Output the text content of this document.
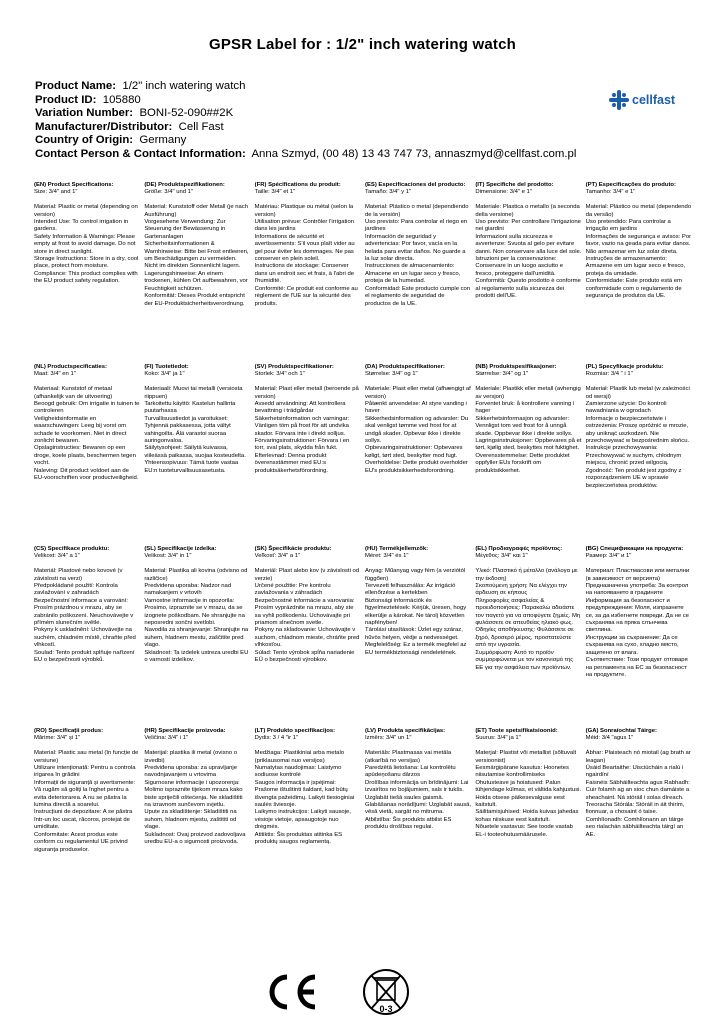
GPSR Label for : 1/2" inch watering watch
Product Name: 1/2" inch watering watch
Product ID: 105880
Variation Number: BONI-52-090##2K
Manufacturer/Distributor: Cell Fast
Country of Origin: Germany
Contact Person & Contact Information: Anna Szmyd, (00 48) 13 43 747 73, annaszmyd@cellfast.com.pl
cellfast
(EN) Product Specifications:
Size: 3/4" and 1"

Material: Plastic or metal (depending on version)
Intended Use: To control irrigation in gardens.
Safety Information & Warnings: Please empty at frost to avoid damage. Do not store in direct sunlight.
Storage Instructions: Store in a dry, cool place, protect from moisture.
Compliance: This product complies with the EU product safety regulation.
(DE) Produktspezifikationen:
Größe: 3/4" und 1"

Material: Kunststoff oder Metall (je nach Ausführung)
Vorgesehene Verwendung: Zur Steuerung der Bewässerung in Gartenanlagen
Sicherheitsinformationen & Warnhinweise: Bitte bei Frost entleeren, um Beschädigungen zu vermeiden. Nicht im direkten Sonnenlicht lagern.
Lagerungshinweise: An einem trockenen, kühlen Ort aufbewahren, vor Feuchtigkeit schützen.
Konformität: Dieses Produkt entspricht der EU-Produktsicherheitsverordnung.
(FR) Spécifications du produit:
Taille: 3/4" et 1"

Matériau: Plastique ou métal (selon la version)
Utilisation prévue: Contrôler l'irrigation dans les jardins
Informations de sécurité et avertissements: S'il vous plaît vider au gel pour éviter les dommages. Ne pas conserver en plein soleil.
Instructions de stockage: Conserver dans un endroit sec et frais, à l'abri de l'humidité.
Conformité: Ce produit est conforme au règlement de l'UE sur la sécurité des produits.
(ES) Especificaciones del producto:
Tamaño: 3/4" y 1"

Material: Plástico o metal (dependiendo de la versión)
Uso previsto: Para controlar el riego en jardines
Información de seguridad y advertencias: Por favor, vacía en la helada para evitar daños. No guarde a la luz solar directa.
Instrucciones de almacenamiento: Almacene en un lugar seco y fresco, proteja de la humedad.
Conformidad: Este producto cumple con el reglamento de seguridad de productos de la UE.
(IT) Specifiche del prodotto:
Dimensione: 3/4" e 1"

Materiale: Plastica o metallo (a seconda della versione)
Uso previsto: Per controllare l'irrigazione nei giardini
Informazioni sulla sicurezza e avvertenze: Svuota al gelo per evitare danni. Non conservare alla luce del sole.
Istruzioni per la conservazione: Conservare in un luogo asciutto e fresco, proteggere dall'umidità.
Conformità: Questo prodotto è conforme al regolamento sulla sicurezza dei prodotti dell'UE.
(PT) Especificações do produto:
Tamanho: 3/4" e 1"

Material: Plástico ou metal (dependendo da versão)
Uso pretendido: Para controlar a irrigação em jardins
Informações de segurança e avisos: Por favor, vazio na geada para evitar danos. Não armazenar em luz solar direta.
Instruções de armazenamento: Armazene em um lugar seco e fresco, proteja da umidade.
Conformidade: Este produto está em conformidade com o regulamento de segurança de produtos da UE.
(NL) Productspecificaties:
Maat: 3/4" en 1"

Materiaal: Kunststof of metaal (afhankelijk van de uitvoering)
Beoogd gebruik: Om irrigatie in tuinen te controleren
Veiligheidsinformatie en waarschuwingen: Leeg bij vorst om schade te voorkomen. Niet in direct zonlicht bewaren.
Opslaginstructies: Bewaren op een droge, koele plaats, beschermen tegen vocht.
Naleving: Dit product voldoet aan de EU-voorschriften voor productveiligheid.
(FI) Tuotetiedot:
Koko: 3/4" ja 1"

Materiaali: Muovi tai metalli (versiosta riippuen)
Tarkoitettu käyttö: Kastelun hallinta puutarhassa
Turvallisuustiedot ja varoitukset: Tyhjennä pakkasessa, jotta vältyt vahingoilta. Älä varastoi suoraa auringonvaloa.
Säilytysohjeet: Säilytä kuivassa, viileässä paikassa, suojaa kosteudelta.
Yhteensopivuus: Tämä tuote vastaa EU:n tuoteturvallisuusasetusta.
(SV) Produktspecifikationer:
Storlek: 3/4" och 1"

Material: Plast eller metall (beroende på version)
Avsedd användning: Att kontrollera bevattning i trädgårdar
Säkerhetsinformation och varningar: Vänligen töm på frost för att undvika skador. Förvara inte i direkt solljus.
Förvaringsinstruktioner: Förvara i en torr, sval plats, skydda från fukt.
Efterlevnad: Denna produkt överensstämmer med EU:s produktsäkerhetsförordning.
(DA) Produktspecifikationer:
Størrelse: 3/4" og 1"

Materiale: Plast eller metal (afhængigt af version)
Påtænkt anvendelse: At styre vanding i haver
Sikkerhedsinformation og advarsler: Du skal venligst tømme ved frost for at undgå skader. Opbevar ikke i direkte sollys.
Opbevaringsinstruktioner: Opbevares køligt, tørt sted, beskytter mod fugt.
Overholdelse: Dette produkt overholder EU's produktsikkerhedsforordning.
(NB) Produktspesifikasjoner:
Størrelse: 3/4" og 1"

Materiale: Plastikk eller metall (avhengig av versjon)
Forventet bruk: å kontrollere vanning i hager
Sikkerhetsinformasjon og advarsler: Vennligst tom ved frost for å unngå skade. Oppbevar ikke i direkte sollys.
Lagringsinstruksjoner: Oppbevares på et tørt, kjølig sted, beskyttes mot fuktighet.
Overensstemmelse: Dette produktet oppfyller EUs forskrift om produktsikkerhet.
(PL) Specyfikacje produktu:
Rozmiar: 3/4 " i 1"

Materiał: Plastik lub metal (w zależności od wersji)
Zamierzone użycie: Do kontroli nawadniania w ogrodach
Informacje o bezpieczeństwie i ostrzeżenia: Proszę opróżnić w mrozie, aby uniknąć uszkodzeń. Nie przechowywać w bezpośrednim słońcu.
Instrukcje przechowywania: Przechowywać w suchym, chłodnym miejscu, chronić przed wilgocią.
Zgodność: Ten produkt jest zgodny z rozporządzeniem UE w sprawie bezpieczeństwa produktów.
(CS) Specifikace produktu:
Velikost: 3/4" a 1"

Materiál: Plastové nebo kovové (v závislosti na verzi)
Předpokládané použití: Kontrola zavlažování v zahradách
Bezpečnostní informace a varování: Prosím prázdnou v mrazu, aby se zabránilo poškození. Neuchovávejte v přímém slunečním světle.
Pokyny k uskladnění: Uchovávejte na suchém, chladném místě, chraňte před vlhkostí.
Soulad: Tento produkt splňuje nařízení EU o bezpečnosti výrobků.
(SL) Specifikacije izdelka:
Velikost: 3/4" in 1"

Material: Plastika ali kovina (odvisno od različice)
Predvidena uporaba: Nadzor nad namakanjem v vrtovih
Varnostne informacije in opozorila: Prosimo, izpraznite se v mrazu, da se izognete poškodbam. Ne shranjujte na neposredni sončni svetlobi.
Navodila za shranjevanje: Shranjujte na suhem, hladnem mestu, zaščitite pred vlago.
Skladnost: Ta izdelek ustreza uredbi EU o varnosti izdelkov.
(SK) Špecifikácie produktu:
Veľkosť: 3/4" a 1"

Materiál: Plast alebo kov (v závislosti od verzie)
Určené použitie: Pre kontrolu zavlažovania v záhradách
Bezpečnostné informácie a varovania: Prosím vyprázdnite na mrazu, aby ste sa vyhli poškodeniu. Uchovávajte pri priamom slnečnom svetle.
Pokyny na skladovanie: Uchovávajte v suchom, chladnom mieste, chráňte pred vlhkosťou.
Súlad: Tento výrobok spĺňa nariadenie EÚ o bezpečnosti výrobkov.
(HU) Termékjellemzők:
Méret: 3/4" és 1"

Anyag: Műanyag vagy fém (a verziótól függően)
Tervezett felhasználás: Az irrigáció ellenőrzése a kertekben
Biztonsági információk és figyelmeztetések: Kérjük, üresen, hogy elkerülje a károkat. Ne tárolj közvetlen napfényben!
Tárolási utasítások: Üzlet egy száraz, hűvös helyen, védje a nedvességet.
Megfelelőség: Ez a termék megfelel az EU termékbiztonsági rendeletének.
(EL) Προδιαγραφές προϊόντος:
Μέγεθος: 3/4" και 1"

Υλικό: Πλαστικό ή μέταλλο (ανάλογα με την έκδοση)
Σκοπούμενη χρήση: Να ελέγχει την άρδευση σε κήπους
Πληροφορίες ασφαλείας & προειδοποιήσεις: Παρακαλώ αδειάστε τον παγετό για να αποφύγετε ζημιές. Μη φυλάσσετε σε απευθείας ηλιακό φως.
Οδηγίες αποθήκευσης: Φυλάσσετε σε ξηρό, δροσερό μέρος, προστατεύστε από την υγρασία.
Συμμόρφωση: Αυτό το προϊόν συμμορφώνεται με τον κανονισμό της ΕΕ για την ασφάλεια των προϊόντων.
(BG) Спецификации на продукта:
Размер: 3/4" и 1"

Материал: Пластмасови или метални (в зависимост от версията)
Предназначена употреба: За контрол на напояването в градините
Информация за безопасност и предупреждения: Моля, изпразнете се, за да избегнете повреди. Да не се съхранява на пряка слънчева светлина.
Инструкции за съхранение: Да се съхранява на сухо, хладно място, защитено от влага.
Съответствие: Този продукт отговаря на регламента на ЕС за безопасност на продуктите.
(RO) Specificații produs:
Mărime: 3/4" și 1"

Material: Plastic sau metal (în funcție de versiune)
Utilizare intenționată: Pentru a controla irigarea în grădini
Informații de siguranță și avertismente: Vă rugăm să goliți la înghet pentru a evita deteriorarea. A nu se păstra la lumina directă a soarelui.
Instrucțiuni de depozitare: A se păstra într-un loc uscat, răcoros, protejat de umiditate.
Conformitate: Acest produs este conform cu regulamentul UE privind siguranța produselor.
(HR) Specifikacije proizvoda:
Veličina: 3/4" i 1"

Materijal: plastika ili metal (ovisno o izvedbi)
Predviđena uporaba: za upravljanje navodnjavanjem u vrtovima
Sigurnosne informacije i upozorenja: Molimo ispraznite tijekom mraza kako biste spriječili oštećenja. Ne skladištiti na izravnom sunčevom svjetlu.
Upute za skladištenje: Skladištiti na suhom, hladnom mjestu, zaštititi od vlage.
Sukladnost: Ovaj proizvod zadovoljava uredbu EU-a o sigurnosti proizvoda.
(LT) Produkto specifikacijos:
Dydis: 3 / 4 "ir 1"

Medžiaga: Plastikiniai arba metalo (priklausomai nuo versijos)
Numatytas naudojimas: Laistymo sodiuose kontrolė
Saugos informacija ir įspėjimai: Prašome ištuštinti šaldant, kad būtų išvengta pažeidimų. Laikyti tiesioginiai saulės šviesoje.
Laikymo instrukcijos: Laikyti sausoje, vėsioje vietoje, apsaugotoje nuo drėgmės.
Atitiktis: Šis produktas atitinka ES produktų saugos reglamentą.
(LV) Produkta specifikācijas:
Izmērs: 3/4" un 1"

Materiāls: Plastmasas vai metāla (atkarībā no versijas)
Paredzētā lietošana: Lai kontrolētu apūdeņošanu dārzos
Drošības informācija un brīdinājumi: Lai izvairītos no bojājumiem, sals ir tukšs. Uzglabāt tiešā saules gaismā.
Glabāšanas norādījumi: Uzglabāt sausā, vēsā vietā, sargāt no mitruma.
Atbilstība: Šis produkts atbilst ES produktu drošības regulai.
(ET) Toote spetsifikatsioonid:
Suurus: 3/4" ja 1"

Materjal: Plastist või metallist (sõltuvalt versioonist)
Eesmärgipärane kasutus: Hoonetes niisutamise kontrollimiseks
Ohutusteave ja hoiatused: Palun tühjendage külmas, et vältida kahjustusi. Hoida otsese päikesevalguse eest kaitstult.
Säilitamisjuhised: Hoida kuivas jahedas kohas niiskuse eest kaitstult.
Nõuetele vastavus: See toode vastab EL-i tooteohutusmäärusele.
(GA) Sonraíochtaí Táirge:
Méid: 3/4 "agus 1"

Ábhar: Plaisteach nó miotail (ag brath ar leagan)
Úsáid Beartaithe: Uisciúcháin a rialú i ngairdíní
Faisnéis Sábháilteachta agus Rabhadh: Cuir folamh ag an sioc chun damáiste a sheachaint. Ná stóráil i solas díreach.
Treoracha Stórála: Stóráil in áit thirim, fionnuar, a chosaint ó taise.
Comhlíonadh: Comhlíonann an táirge seo rialachán sábháilteachta táirgí an AE.
0-3
